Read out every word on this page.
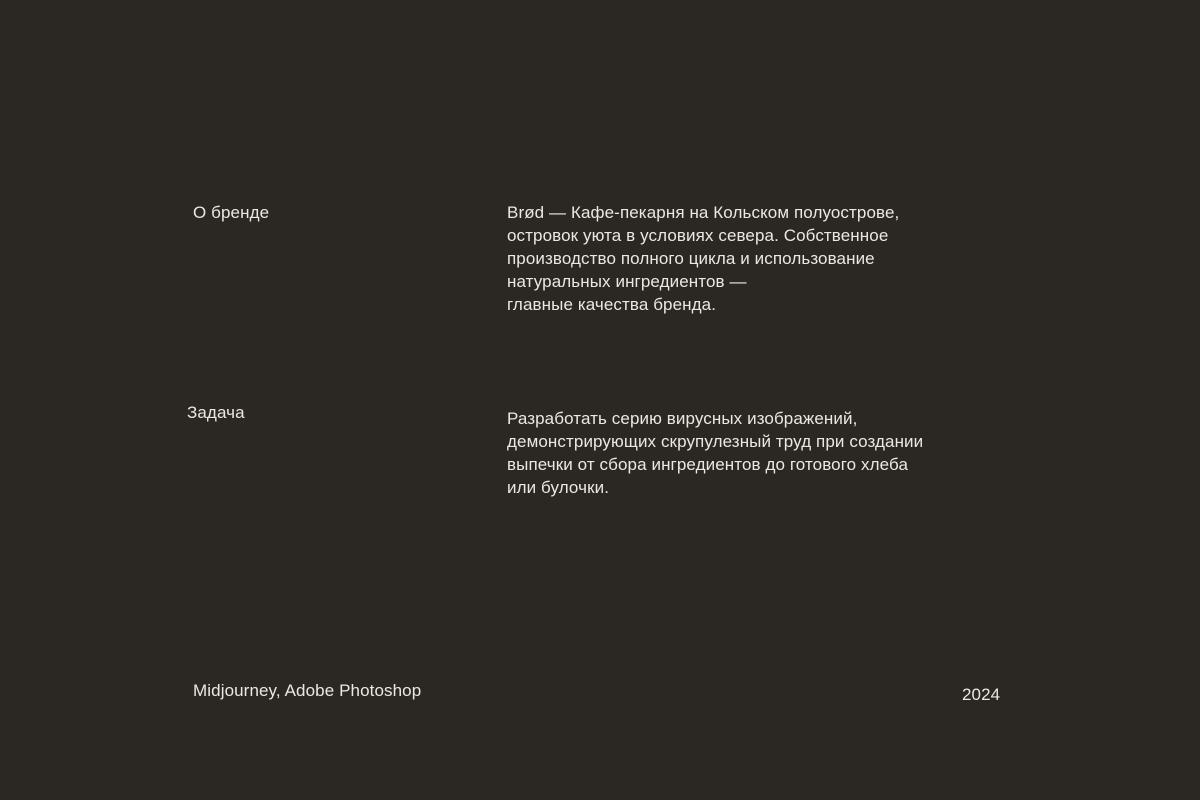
О бренде	Brød — Кафе-пекарня на Кольском полуострове,
островок уюта в условиях севера. Собственное
производство полного цикла и использование
натуральных ингредиентов —
главные качества бренда.
Задача	Разработать серию вирусных изображений,
демонстрирующих скрупулезный труд при создании
выпечки от сбора ингредиентов до готового хлеба
или булочки.
Midjourney, Adobe Photoshop	2024
